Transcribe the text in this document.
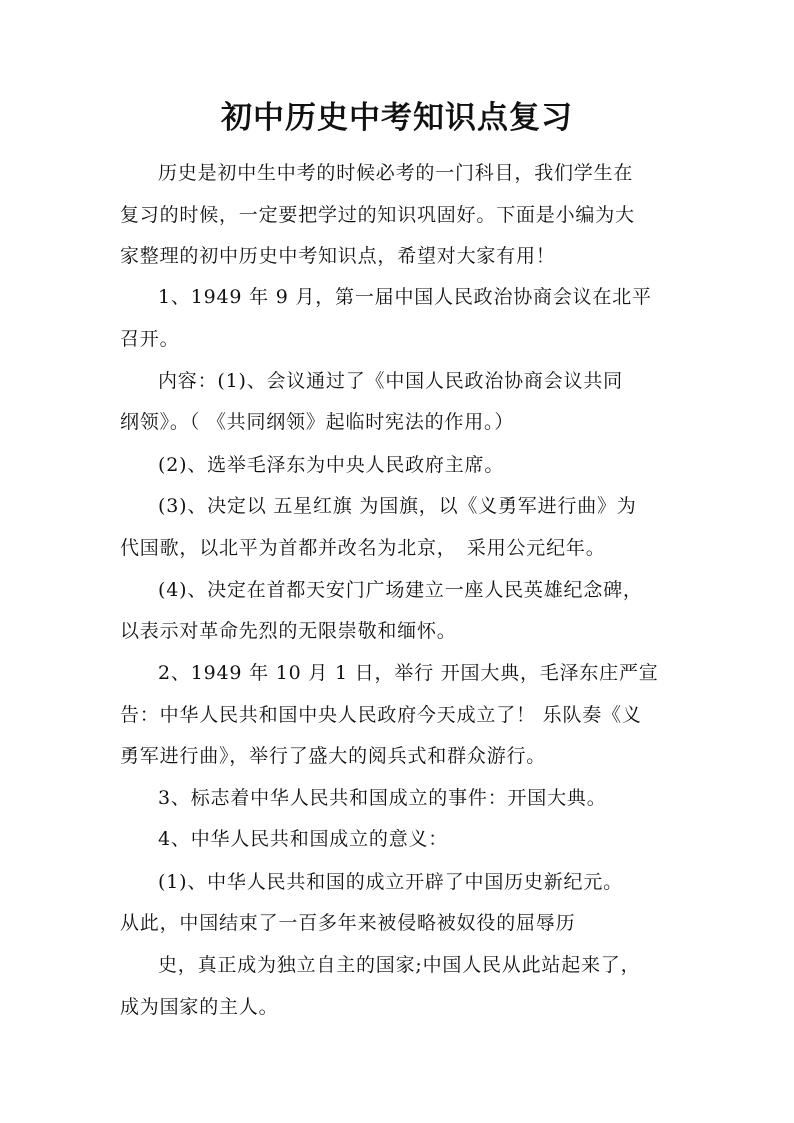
初中历史中考知识点复习
历史是初中生中考的时候必考的一门科目，我们学生在
复习的时候，一定要把学过的知识巩固好。下面是小编为大
家整理的初中历史中考知识点，希望对大家有用！
1、1949 年 9 月，第一届中国人民政治协商会议在北平
召开。
内容：(1)、会议通过了《中国人民政治协商会议共同
纲领》。（ 《共同纲领》起临时宪法的作用。）
(2)、选举毛泽东为中央人民政府主席。
(3)、决定以 五星红旗 为国旗，以《义勇军进行曲》为
代国歌，以北平为首都并改名为北京，　采用公元纪年。
(4)、决定在首都天安门广场建立一座人民英雄纪念碑，
以表示对革命先烈的无限崇敬和缅怀。
2、1949 年 10 月 1 日，举行 开国大典，毛泽东庄严宣
告：中华人民共和国中央人民政府今天成立了！ 乐队奏《义
勇军进行曲》，举行了盛大的阅兵式和群众游行。
3、标志着中华人民共和国成立的事件：开国大典。
4、中华人民共和国成立的意义：
(1)、中华人民共和国的成立开辟了中国历史新纪元。
从此，中国结束了一百多年来被侵略被奴役的屈辱历
史，真正成为独立自主的国家;中国人民从此站起来了，
成为国家的主人。
